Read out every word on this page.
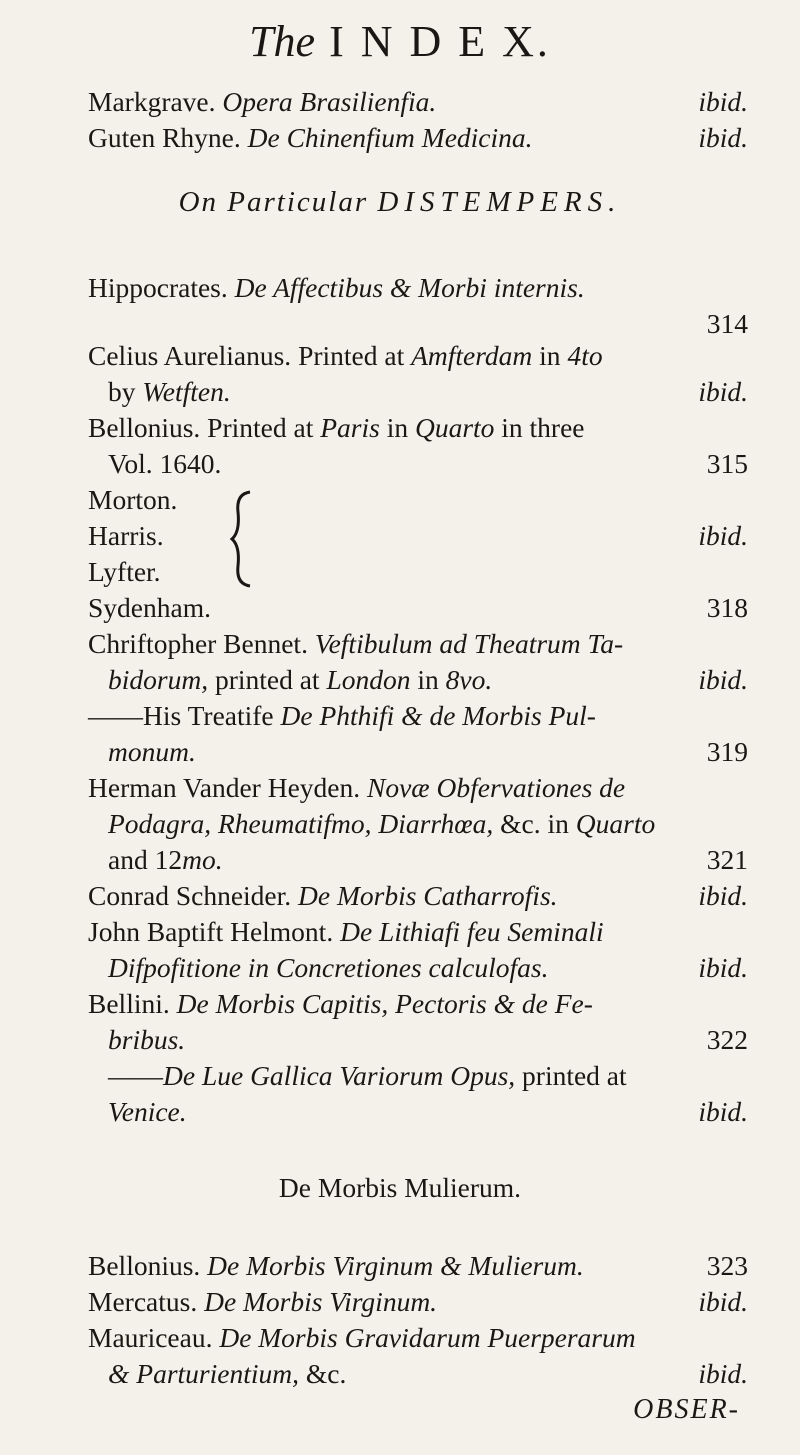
The I N D E X.
Markgrave. Opera Brasilienfia.	ibid.
Guten Rhyne. De Chinenfium Medicina.	ibid.
On Particular DISTEMPERS.
Hippocrates. De Affectibus & Morbi internis.
314
Celius Aurelianus. Printed at Amfterdam in 4to
by Wetften.	ibid.
Bellonius. Printed at Paris in Quarto in three
Vol. 1640.	315
Morton.
Harris.	ibid.
Lyfter.
Sydenham.	318
Chriftopher Bennet. Veftibulum ad Theatrum Ta-
bidorum, printed at London in 8vo.	ibid.
——His Treatife De Phthifi & de Morbis Pul-
monum.	319
Herman Vander Heyden. Novæ Obfervationes de
Podagra, Rheumatifmo, Diarrhœa, &c. in Quarto
and 12mo.	321
Conrad Schneider. De Morbis Catharrofis.	ibid.
John Baptift Helmont. De Lithiafi feu Seminali
Difpofitione in Concretiones calculofas.	ibid.
Bellini. De Morbis Capitis, Pectoris & de Fe-
bribus.	322
——De Lue Gallica Variorum Opus, printed at
Venice.	ibid.
De Morbis Mulierum.
Bellonius. De Morbis Virginum & Mulierum.	323
Mercatus. De Morbis Virginum.	ibid.
Mauriceau. De Morbis Gravidarum Puerperarum
& Parturientium, &c.	ibid.
OBSER-
